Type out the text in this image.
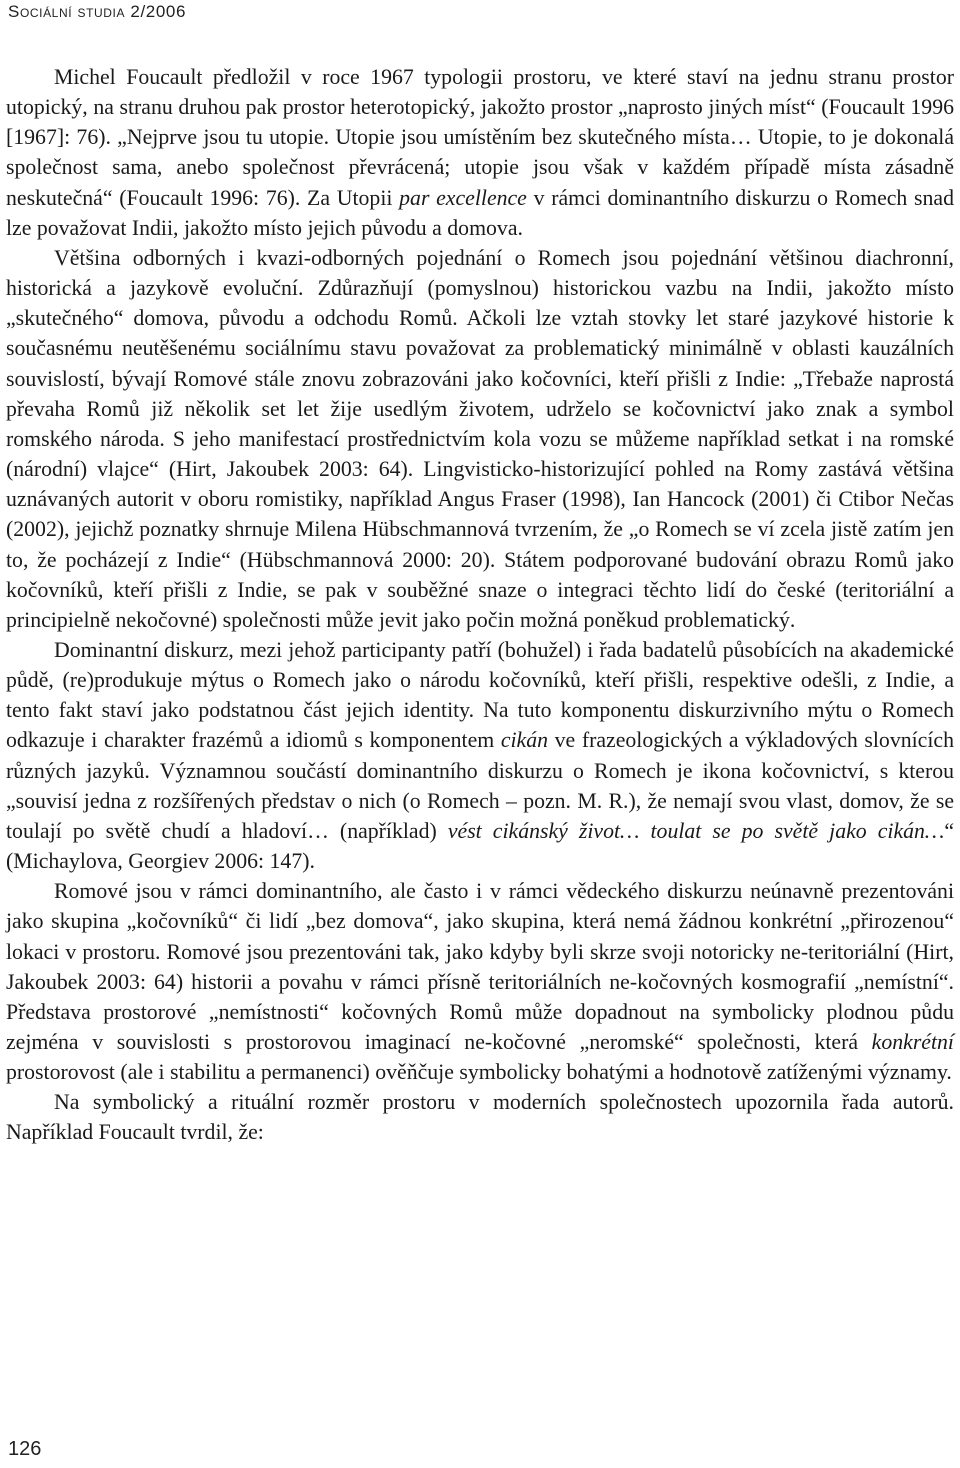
Sociální studia 2/2006

Michel Foucault předložil v roce 1967 typologii prostoru, ve které staví na jednu stranu prostor utopický, na stranu druhou pak prostor heterotopický, jakožto prostor „naprosto jiných míst“ (Foucault 1996 [1967]: 76). „Nejprve jsou tu utopie. Utopie jsou umístěním bez skutečného místa… Utopie, to je dokonalá společnost sama, anebo společnost převrácená; utopie jsou však v každém případě místa zásadně neskutečná“ (Foucault 1996: 76). Za Utopii par excellence v rámci dominantního diskurzu o Romech snad lze považovat Indii, jakožto místo jejich původu a domova.

Většina odborných i kvazi-odborných pojednání o Romech jsou pojednání většinou diachronní, historická a jazykově evoluční. Zdůrazňují (pomyslnou) historickou vazbu na Indii, jakožto místo „skutečného“ domova, původu a odchodu Romů. Ačkoli lze vztah stovky let staré jazykové historie k současnému neutěšenému sociálnímu stavu považovat za problematický minimálně v oblasti kauzálních souvislostí, bývají Romové stále znovu zobrazováni jako kočovníci, kteří přišli z Indie: „Třebaže naprostá převaha Romů již několik set let žije usedlým životem, udrželo se kočovnictví jako znak a symbol romského národa. S jeho manifestací prostřednictvím kola vozu se můžeme například setkat i na romské (národní) vlajce“ (Hirt, Jakoubek 2003: 64). Lingvisticko-historizující pohled na Romy zastává většina uznávaných autorit v oboru romistiky, například Angus Fraser (1998), Ian Hancock (2001) či Ctibor Nečas (2002), jejichž poznatky shrnuje Milena Hübschmannová tvrzením, že „o Romech se ví zcela jistě zatím jen to, že pocházejí z Indie“ (Hübschmannová 2000: 20). Státem podporované budování obrazu Romů jako kočovníků, kteří přišli z Indie, se pak v souběžné snaze o integraci těchto lidí do české (teritoriální a principielně nekočovné) společnosti může jevit jako počin možná poněkud problematický.

Dominantní diskurz, mezi jehož participanty patří (bohužel) i řada badatelů působících na akademické půdě, (re)produkuje mýtus o Romech jako o národu kočovníků, kteří přišli, respektive odešli, z Indie, a tento fakt staví jako podstatnou část jejich identity. Na tuto komponentu diskurzivního mýtu o Romech odkazuje i charakter frazémů a idiomů s komponentem cikán ve frazeologických a výkladových slovnících různých jazyků. Významnou součástí dominantního diskurzu o Romech je ikona kočovnictví, s kterou „souvisí jedna z rozšířených představ o nich (o Romech – pozn. M. R.), že nemají svou vlast, domov, že se toulají po světě chudí a hladoví… (například) vést cikánský život… toulat se po světě jako cikán…“ (Michaylova, Georgiev 2006: 147).

Romové jsou v rámci dominantního, ale často i v rámci vědeckého diskurzu neúnavně prezentováni jako skupina „kočovníků“ či lidí „bez domova“, jako skupina, která nemá žádnou konkrétní „přirozenou“ lokaci v prostoru. Romové jsou prezentováni tak, jako kdyby byli skrze svoji notoricky ne-teritoriální (Hirt, Jakoubek 2003: 64) historii a povahu v rámci přísně teritoriálních ne-kočovných kosmografií „nemístní“. Představa prostorové „nemístnosti“ kočovných Romů může dopadnout na symbolicky plodnou půdu zejména v souvislosti s prostorovou imaginací ne-kočovné „neromské“ společnosti, která konkrétní prostorovost (ale i stabilitu a permanenci) ověňčuje symbolicky bohatými a hodnotově zatíženými významy.

Na symbolický a rituální rozměr prostoru v moderních společnostech upozornila řada autorů. Například Foucault tvrdil, že:

126
